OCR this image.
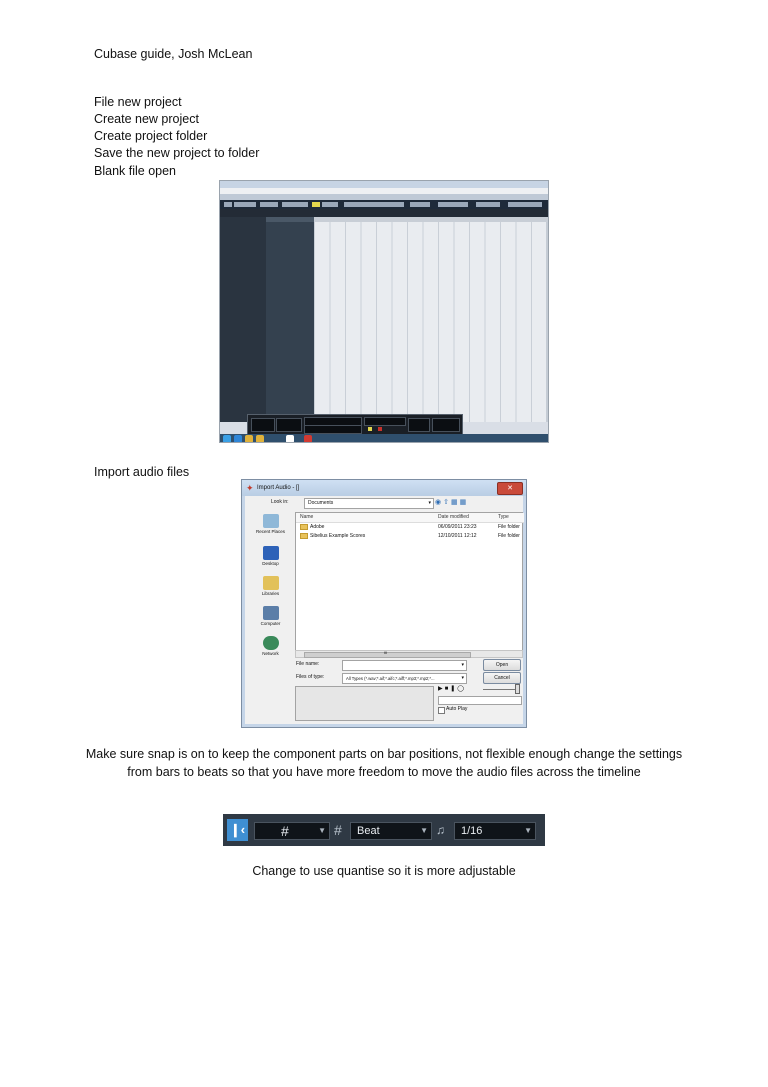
Cubase guide, Josh McLean
File new project
Create new project
Create project folder
Save the new project to folder
Blank file open
Import audio files
✦ Import Audio - []	✕
Look in:	Documents	▾ ◉⇧▦▦
Recent Places
Desktop
Libraries
Computer
Network
Name	Date modified	Type
Adobe	06/09/2011 23:23	File folder
Sibelius Example Scores	12/10/2011 12:12	File folder
III
File name:	▾	Open
Files of type:	All Types (*.wav;*.aif;*.aifc;*.aiff;*.mp3;*.mp2;*...	▾	Cancel
▶■❚◯
Auto Play
Make sure snap is on to keep the component parts on bar positions, not flexible enough change the settings from bars to beats so that you have more freedom to move the audio files across the timeline
❙‹	#	▼ # Beat	▼ ♫ 1/16	▼
Change to use quantise so it is more adjustable
